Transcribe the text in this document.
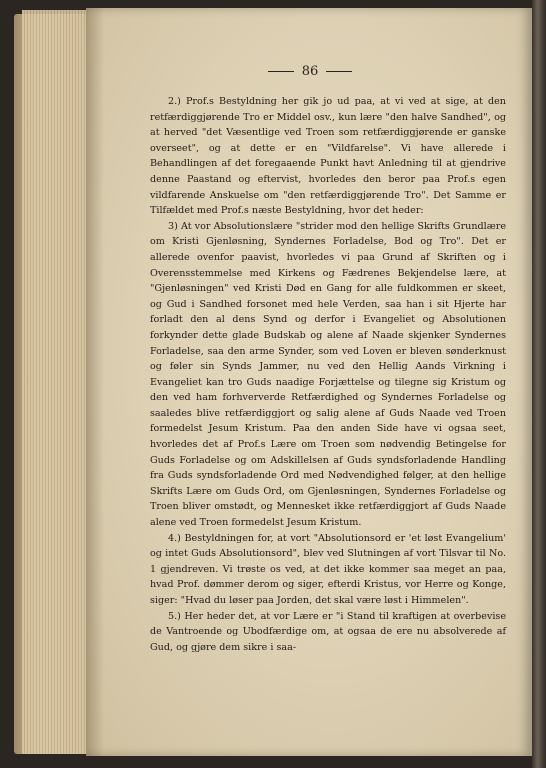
86

2.) Prof.s Bestyldning her gik jo ud paa, at vi ved at sige, at den retfærdiggjørende Tro er Middel osv., kun lære "den halve Sandhed", og at herved "det Væsentlige ved Troen som retfærdiggjørende er ganske overseet", og at dette er en "Vildfarelse". Vi have allerede i Behandlingen af det foregaaende Punkt havt Anledning til at gjendrive denne Paastand og eftervist, hvorledes den beror paa Prof.s egen vildfarende Anskuelse om "den retfærdiggjørende Tro". Det Samme er Tilfældet med Prof.s næste Bestyldning, hvor det heder:

3) At vor Absolutionslære "strider mod den hellige Skrifts Grundlære om Kristi Gjenløsning, Syndernes Forladelse, Bod og Tro". Det er allerede ovenfor paavist, hvorledes vi paa Grund af Skriften og i Overensstemmelse med Kirkens og Fædrenes Bekjendelse lære, at "Gjenløsningen" ved Kristi Død en Gang for alle fuldkommen er skeet, og Gud i Sandhed forsonet med hele Verden, saa han i sit Hjerte har forladt den al dens Synd og derfor i Evangeliet og Absolutionen forkynder dette glade Budskab og alene af Naade skjenker Syndernes Forladelse, saa den arme Synder, som ved Loven er bleven sønderknust og føler sin Synds Jammer, nu ved den Hellig Aands Virkning i Evangeliet kan tro Guds naadige Forjættelse og tilegne sig Kristum og den ved ham forhververde Retfærdighed og Syndernes Forladelse og saaledes blive retfærdiggjort og salig alene af Guds Naade ved Troen formedelst Jesum Kristum. Paa den anden Side have vi ogsaa seet, hvorledes det af Prof.s Lære om Troen som nødvendig Betingelse for Guds Forladelse og om Adskillelsen af Guds syndsforladende Handling fra Guds syndsforladende Ord med Nødvendighed følger, at den hellige Skrifts Lære om Guds Ord, om Gjenløsningen, Syndernes Forladelse og Troen bliver omstødt, og Mennesket ikke retfærdiggjort af Guds Naade alene ved Troen formedelst Jesum Kristum.

4.) Bestyldningen for, at vort "Absolutionsord er 'et løst Evangelium' og intet Guds Absolutionsord", blev ved Slutningen af vort Tilsvar til No. 1 gjendreven. Vi trøste os ved, at det ikke kommer saa meget an paa, hvad Prof. dømmer derom og siger, efterdi Kristus, vor Herre og Konge, siger: "Hvad du løser paa Jorden, det skal være løst i Himmelen".

5.) Her heder det, at vor Lære er "i Stand til kraftigen at overbevise de Vantroende og Ubodfærdige om, at ogsaa de ere nu absolverede af Gud, og gjøre dem sikre i saa-
